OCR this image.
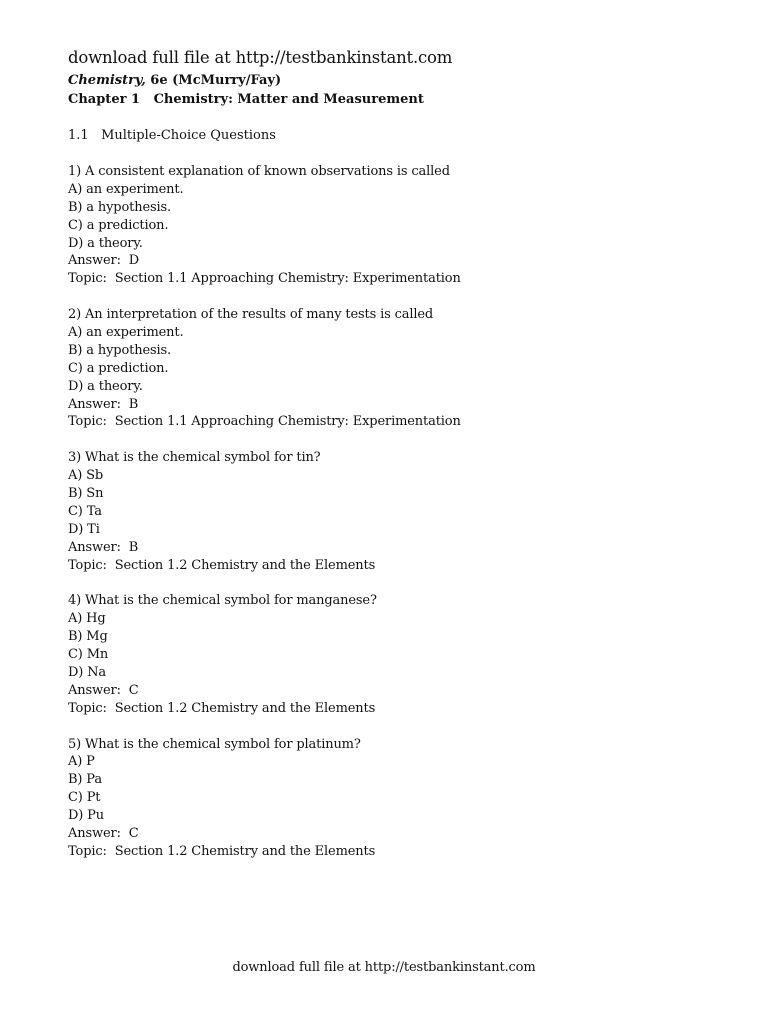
download full file at http://testbankinstant.com
Chemistry, 6e (McMurry/Fay)
Chapter 1   Chemistry: Matter and Measurement
1.1   Multiple-Choice Questions
1) A consistent explanation of known observations is called
A) an experiment.
B) a hypothesis.
C) a prediction.
D) a theory.
Answer:  D
Topic:  Section 1.1 Approaching Chemistry: Experimentation
2) An interpretation of the results of many tests is called
A) an experiment.
B) a hypothesis.
C) a prediction.
D) a theory.
Answer:  B
Topic:  Section 1.1 Approaching Chemistry: Experimentation
3) What is the chemical symbol for tin?
A) Sb
B) Sn
C) Ta
D) Ti
Answer:  B
Topic:  Section 1.2 Chemistry and the Elements
4) What is the chemical symbol for manganese?
A) Hg
B) Mg
C) Mn
D) Na
Answer:  C
Topic:  Section 1.2 Chemistry and the Elements
5) What is the chemical symbol for platinum?
A) P
B) Pa
C) Pt
D) Pu
Answer:  C
Topic:  Section 1.2 Chemistry and the Elements
download full file at http://testbankinstant.com
